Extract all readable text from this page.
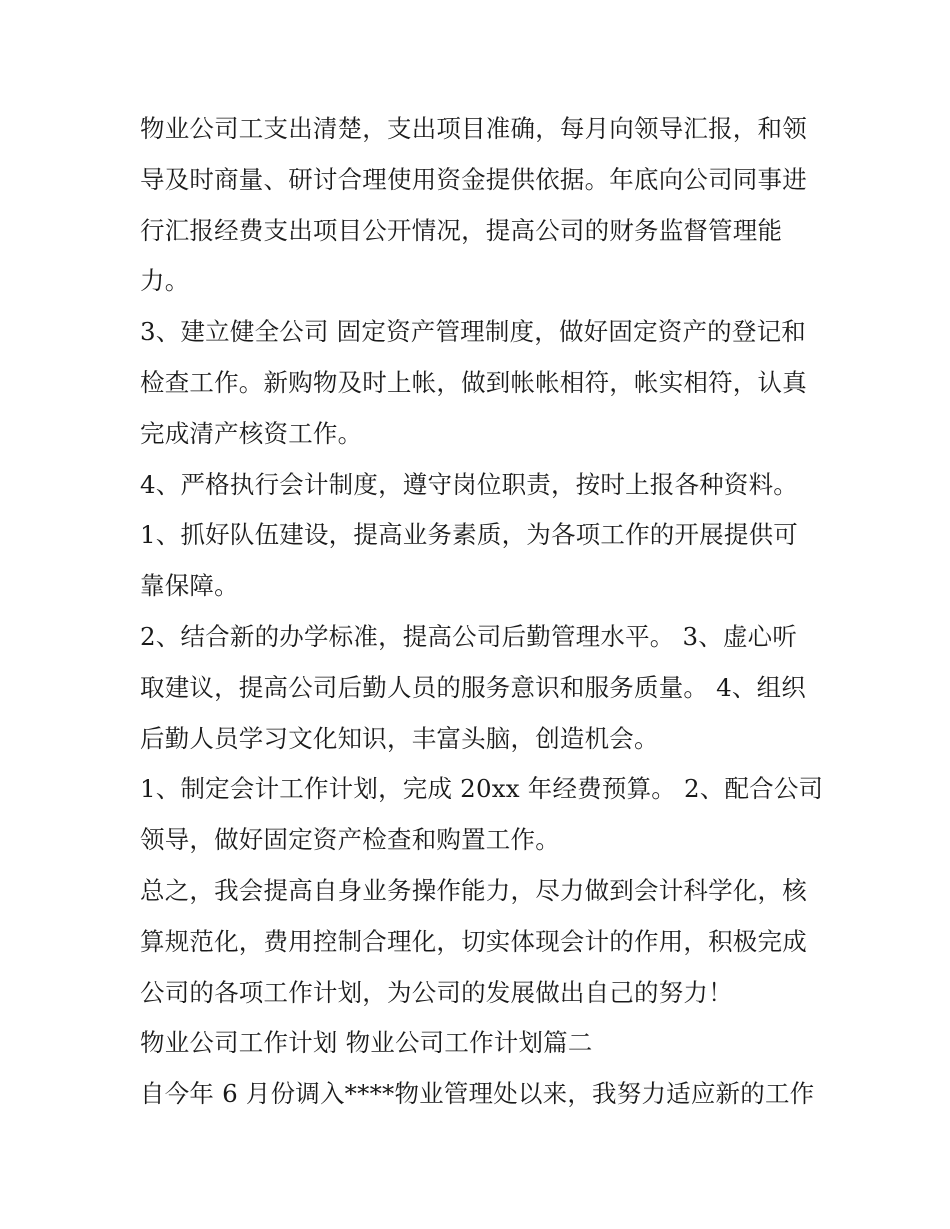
物业公司工支出清楚，支出项目准确，每月向领导汇报，和领
导及时商量、研讨合理使用资金提供依据。年底向公司同事进
行汇报经费支出项目公开情况，提高公司的财务监督管理能
力。
3、建立健全公司 固定资产管理制度，做好固定资产的登记和
检查工作。新购物及时上帐，做到帐帐相符，帐实相符，认真
完成清产核资工作。
4、严格执行会计制度，遵守岗位职责，按时上报各种资料。
1、抓好队伍建设，提高业务素质，为各项工作的开展提供可
靠保障。
2、结合新的办学标准，提高公司后勤管理水平。 3、虚心听
取建议，提高公司后勤人员的服务意识和服务质量。 4、组织
后勤人员学习文化知识，丰富头脑，创造机会。
1、制定会计工作计划，完成 20xx 年经费预算。 2、配合公司
领导，做好固定资产检查和购置工作。
总之，我会提高自身业务操作能力，尽力做到会计科学化，核
算规范化，费用控制合理化，切实体现会计的作用，积极完成
公司的各项工作计划，为公司的发展做出自己的努力！
物业公司工作计划 物业公司工作计划篇二
自今年 6 月份调入****物业管理处以来，我努力适应新的工作
